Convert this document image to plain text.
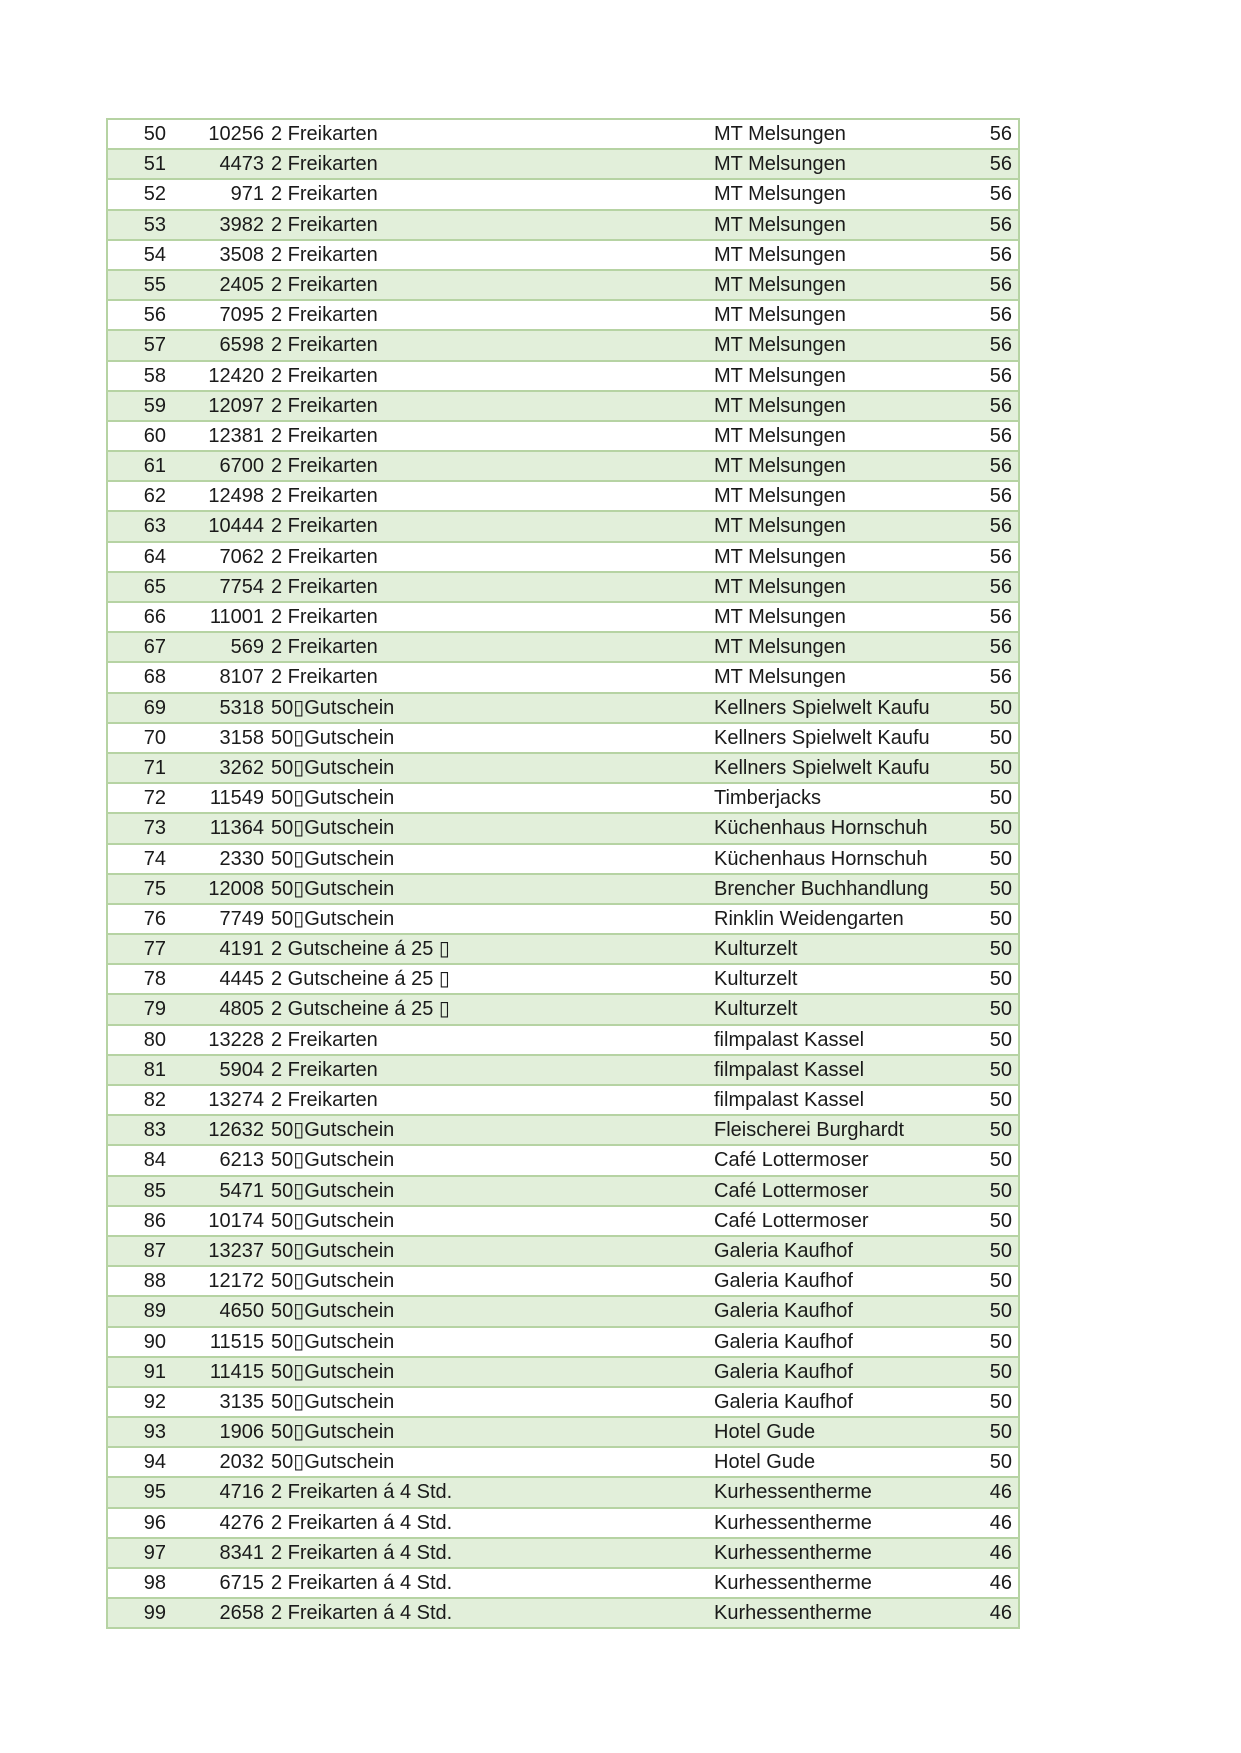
50	10256 2 Freikarten	MT Melsungen	56
51	4473 2 Freikarten	MT Melsungen	56
52	971 2 Freikarten	MT Melsungen	56
53	3982 2 Freikarten	MT Melsungen	56
54	3508 2 Freikarten	MT Melsungen	56
55	2405 2 Freikarten	MT Melsungen	56
56	7095 2 Freikarten	MT Melsungen	56
57	6598 2 Freikarten	MT Melsungen	56
58	12420 2 Freikarten	MT Melsungen	56
59	12097 2 Freikarten	MT Melsungen	56
60	12381 2 Freikarten	MT Melsungen	56
61	6700 2 Freikarten	MT Melsungen	56
62	12498 2 Freikarten	MT Melsungen	56
63	10444 2 Freikarten	MT Melsungen	56
64	7062 2 Freikarten	MT Melsungen	56
65	7754 2 Freikarten	MT Melsungen	56
66	11001 2 Freikarten	MT Melsungen	56
67	569 2 Freikarten	MT Melsungen	56
68	8107 2 Freikarten	MT Melsungen	56
69	5318 50▯Gutschein	Kellners Spielwelt Kaufu	50
70	3158 50▯Gutschein	Kellners Spielwelt Kaufu	50
71	3262 50▯Gutschein	Kellners Spielwelt Kaufu	50
72	11549 50▯Gutschein	Timberjacks	50
73	11364 50▯Gutschein	Küchenhaus Hornschuh	50
74	2330 50▯Gutschein	Küchenhaus Hornschuh	50
75	12008 50▯Gutschein	Brencher Buchhandlung	50
76	7749 50▯Gutschein	Rinklin Weidengarten	50
77	4191 2 Gutscheine á 25 ▯	Kulturzelt	50
78	4445 2 Gutscheine á 25 ▯	Kulturzelt	50
79	4805 2 Gutscheine á 25 ▯	Kulturzelt	50
80	13228 2 Freikarten	filmpalast Kassel	50
81	5904 2 Freikarten	filmpalast Kassel	50
82	13274 2 Freikarten	filmpalast Kassel	50
83	12632 50▯Gutschein	Fleischerei Burghardt	50
84	6213 50▯Gutschein	Café Lottermoser	50
85	5471 50▯Gutschein	Café Lottermoser	50
86	10174 50▯Gutschein	Café Lottermoser	50
87	13237 50▯Gutschein	Galeria Kaufhof	50
88	12172 50▯Gutschein	Galeria Kaufhof	50
89	4650 50▯Gutschein	Galeria Kaufhof	50
90	11515 50▯Gutschein	Galeria Kaufhof	50
91	11415 50▯Gutschein	Galeria Kaufhof	50
92	3135 50▯Gutschein	Galeria Kaufhof	50
93	1906 50▯Gutschein	Hotel Gude	50
94	2032 50▯Gutschein	Hotel Gude	50
95	4716 2 Freikarten á 4 Std.	Kurhessentherme	46
96	4276 2 Freikarten á 4 Std.	Kurhessentherme	46
97	8341 2 Freikarten á 4 Std.	Kurhessentherme	46
98	6715 2 Freikarten á 4 Std.	Kurhessentherme	46
99	2658 2 Freikarten á 4 Std.	Kurhessentherme	46
